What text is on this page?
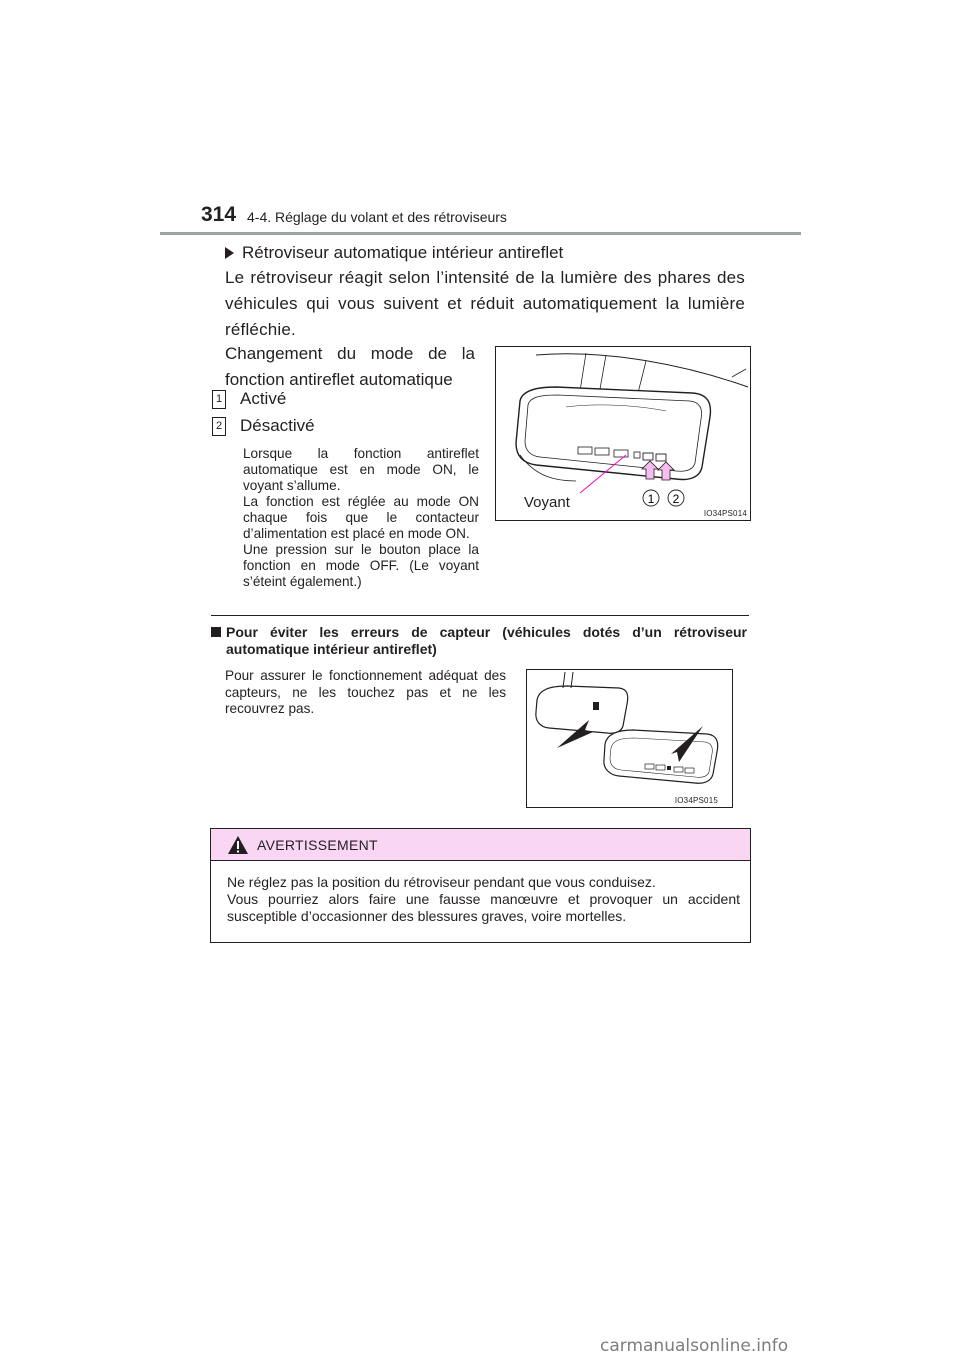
314 4-4. Réglage du volant et des rétroviseurs
Rétroviseur automatique intérieur antireflet
Le rétroviseur réagit selon l’intensité de la lumière des phares des véhicules qui vous suivent et réduit automatiquement la lumière réfléchie.
Changement du mode de la fonction antireflet automatique
1 Activé
2 Désactivé

Lorsque la fonction antireflet automatique est en mode ON, le voyant s’allume.

La fonction est réglée au mode ON chaque fois que le contacteur d’alimentation est placé en mode ON.

Une pression sur le bouton place la fonction en mode OFF. (Le voyant s’éteint également.)

1 2
Voyant
IO34PS014
Pour éviter les erreurs de capteur (véhicules dotés d’un rétroviseur automatique intérieur antireflet)
Pour assurer le fonctionnement adéquat des capteurs, ne les touchez pas et ne les recouvrez pas.
IO34PS015
AVERTISSEMENT

Ne réglez pas la position du rétroviseur pendant que vous conduisez.

Vous pourriez alors faire une fausse manœuvre et provoquer un accident susceptible d’occasionner des blessures graves, voire mortelles.

carmanualsonline.info
